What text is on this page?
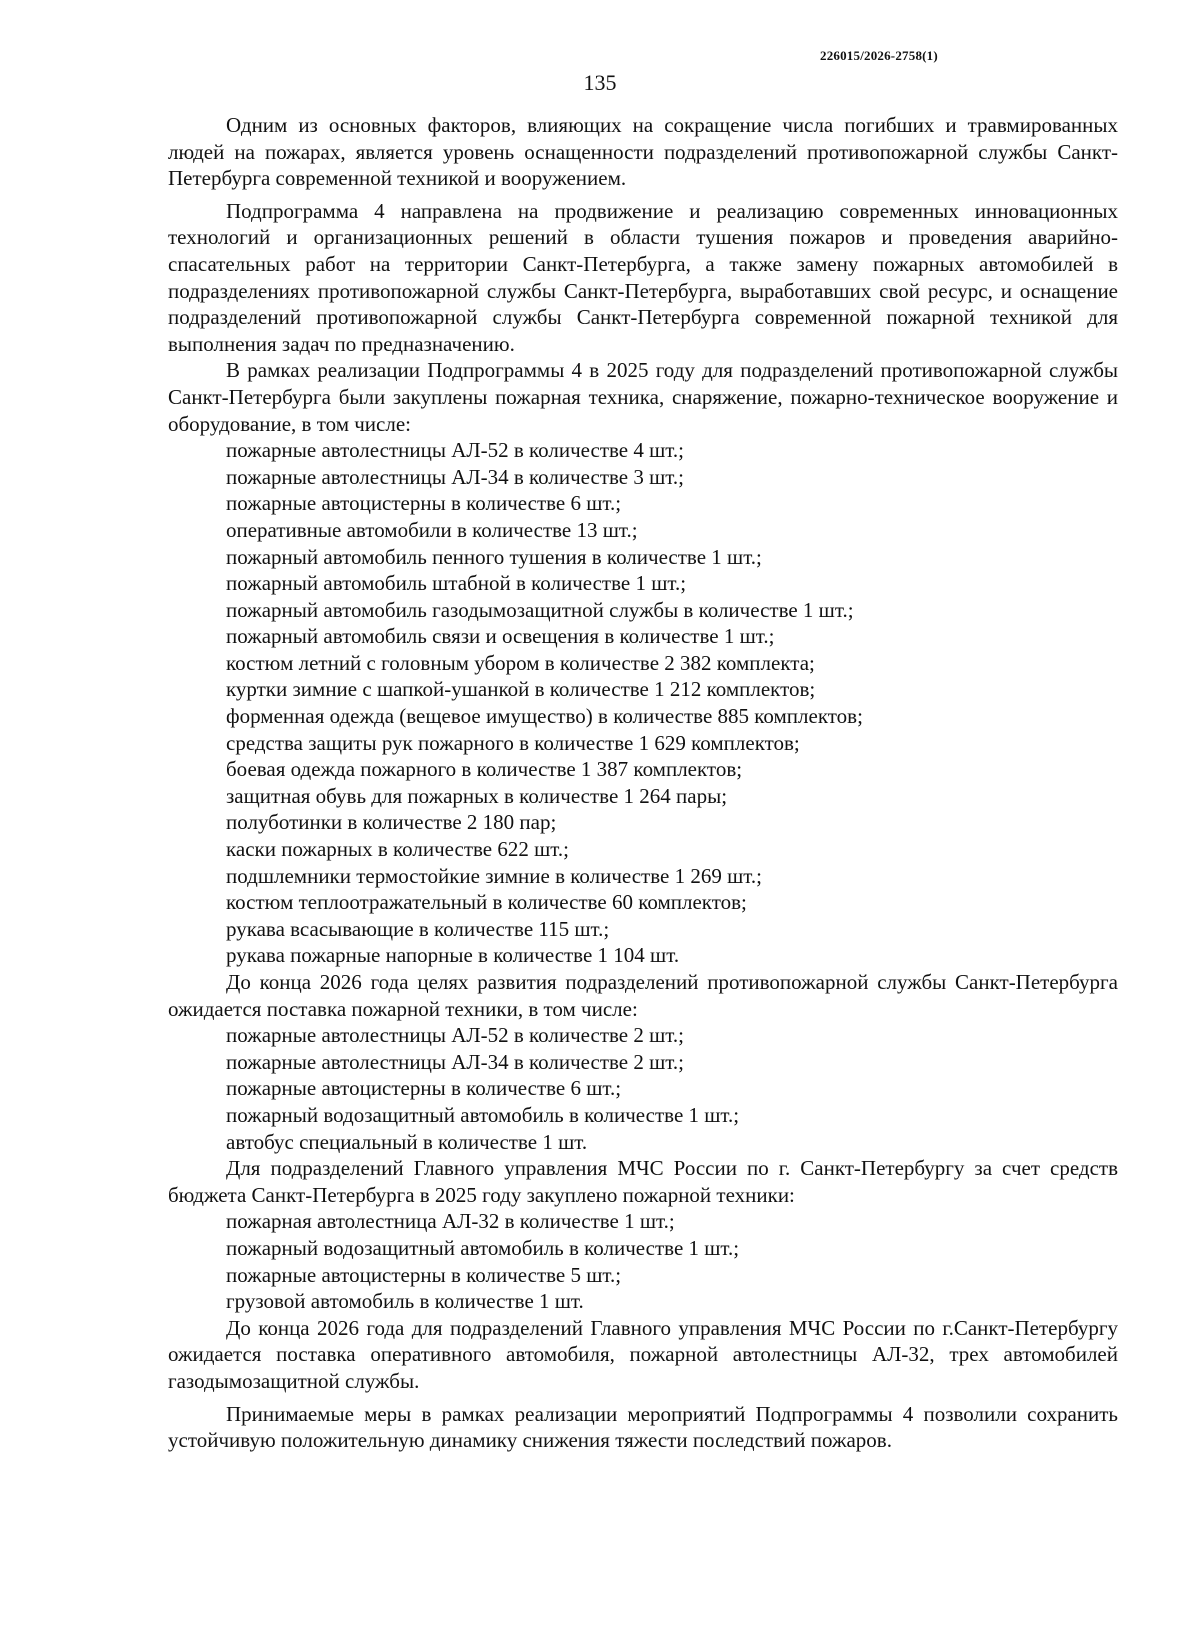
226015/2026-2758(1)
135

Одним из основных факторов, влияющих на сокращение числа погибших и травмированных людей на пожарах, является уровень оснащенности подразделений противопожарной службы Санкт-Петербурга современной техникой и вооружением.

Подпрограмма 4 направлена на продвижение и реализацию современных инновационных технологий и организационных решений в области тушения пожаров и проведения аварийно-спасательных работ на территории Санкт-Петербурга, а также замену пожарных автомобилей в подразделениях противопожарной службы Санкт-Петербурга, выработавших свой ресурс, и оснащение подразделений противопожарной службы Санкт-Петербурга современной пожарной техникой для выполнения задач по предназначению.

В рамках реализации Подпрограммы 4 в 2025 году для подразделений противопожарной службы Санкт-Петербурга были закуплены пожарная техника, снаряжение, пожарно-техническое вооружение и оборудование, в том числе:

пожарные автолестницы АЛ-52 в количестве 4 шт.;
пожарные автолестницы АЛ-34 в количестве 3 шт.;
пожарные автоцистерны в количестве 6 шт.;
оперативные автомобили в количестве 13 шт.;
пожарный автомобиль пенного тушения в количестве 1 шт.;
пожарный автомобиль штабной в количестве 1 шт.;
пожарный автомобиль газодымозащитной службы в количестве 1 шт.;
пожарный автомобиль связи и освещения в количестве 1 шт.;
костюм летний с головным убором в количестве 2 382 комплекта;
куртки зимние с шапкой-ушанкой в количестве 1 212 комплектов;
форменная одежда (вещевое имущество) в количестве 885 комплектов;
средства защиты рук пожарного в количестве 1 629 комплектов;
боевая одежда пожарного в количестве 1 387 комплектов;
защитная обувь для пожарных в количестве 1 264 пары;
полуботинки в количестве 2 180 пар;
каски пожарных в количестве 622 шт.;
подшлемники термостойкие зимние в количестве 1 269 шт.;
костюм теплоотражательный в количестве 60 комплектов;
рукава всасывающие в количестве 115 шт.;
рукава пожарные напорные в количестве 1 104 шт.

До конца 2026 года целях развития подразделений противопожарной службы Санкт-Петербурга ожидается поставка пожарной техники, в том числе:

пожарные автолестницы АЛ-52 в количестве 2 шт.;
пожарные автолестницы АЛ-34 в количестве 2 шт.;
пожарные автоцистерны в количестве 6 шт.;
пожарный водозащитный автомобиль в количестве 1 шт.;
автобус специальный в количестве 1 шт.

Для подразделений Главного управления МЧС России по г. Санкт-Петербургу за счет средств бюджета Санкт-Петербурга в 2025 году закуплено пожарной техники:

пожарная автолестница АЛ-32 в количестве 1 шт.;
пожарный водозащитный автомобиль в количестве 1 шт.;
пожарные автоцистерны в количестве 5 шт.;
грузовой автомобиль в количестве 1 шт.

До конца 2026 года для подразделений Главного управления МЧС России по г.Санкт-Петербургу ожидается поставка оперативного автомобиля, пожарной автолестницы АЛ-32, трех автомобилей газодымозащитной службы.

Принимаемые меры в рамках реализации мероприятий Подпрограммы 4 позволили сохранить устойчивую положительную динамику снижения тяжести последствий пожаров.
